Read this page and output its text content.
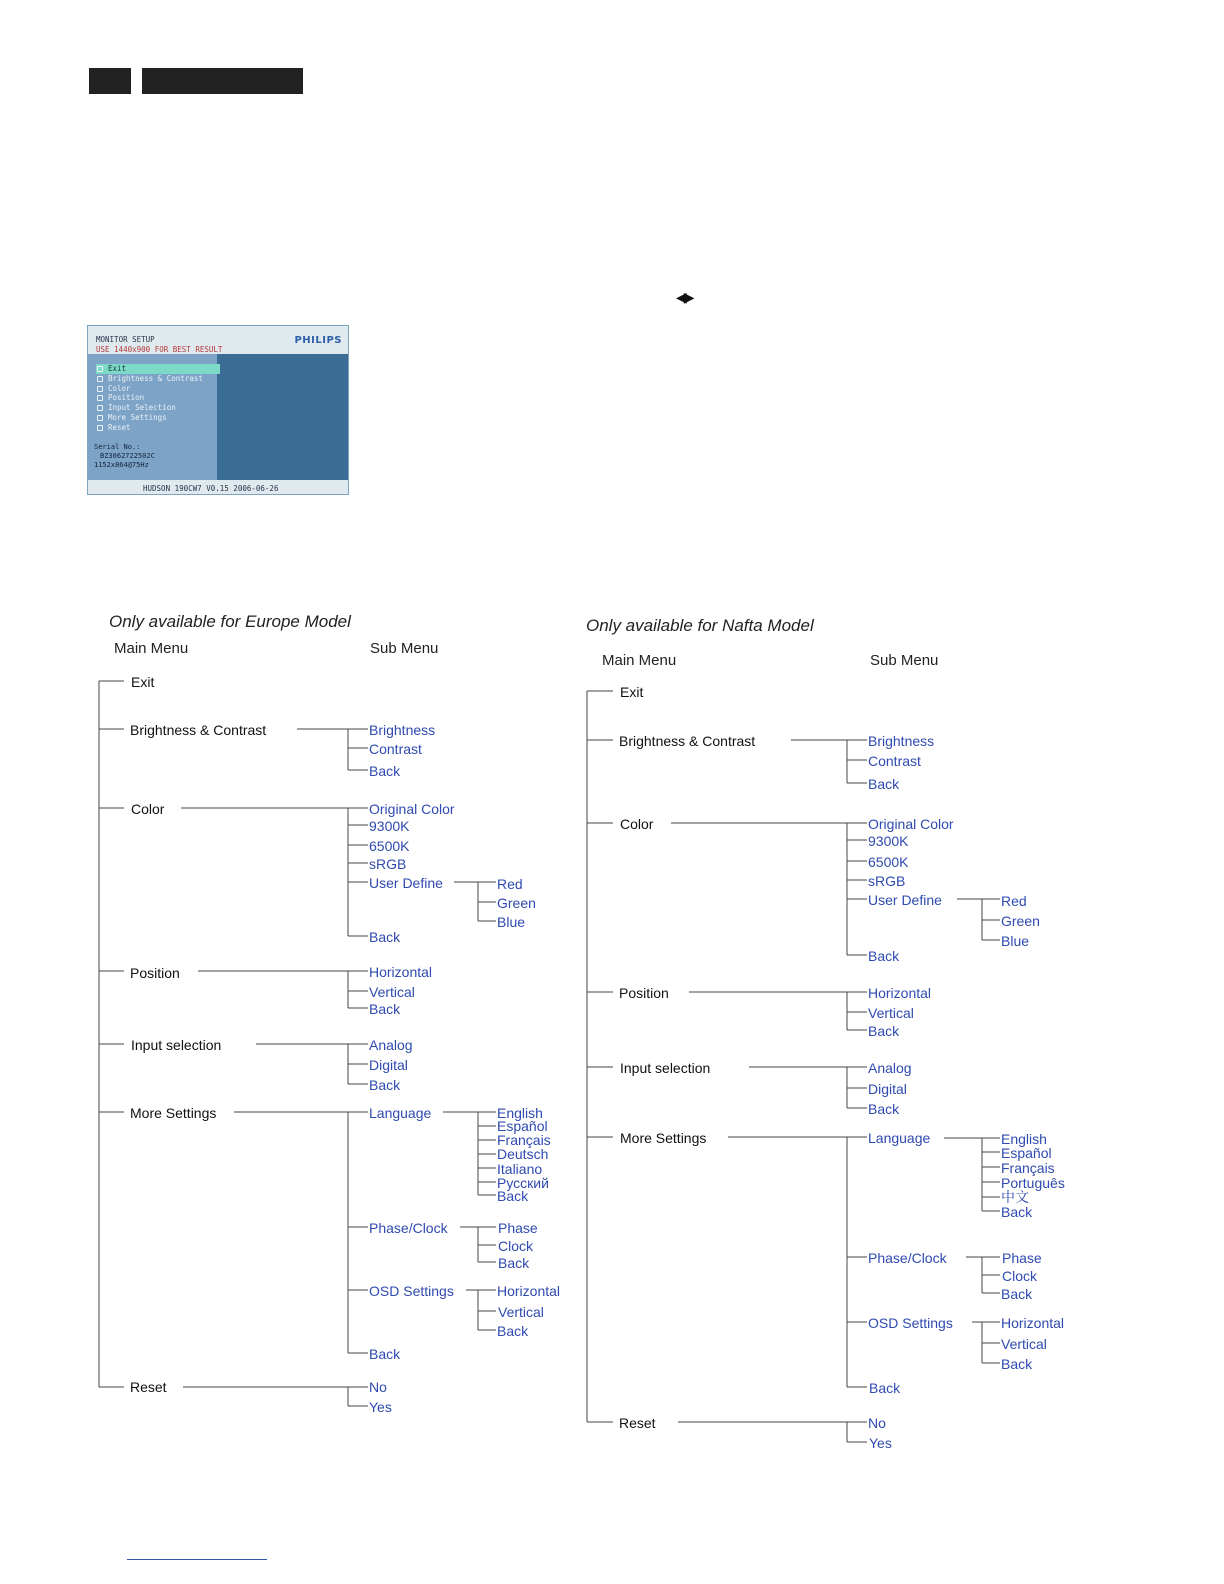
◀▶
MONITOR SETUP
USE 1440x900 FOR BEST RESULT
PHILIPS
Exit
Brightness & Contrast
Color
Position
Input Selection
More Settings
Reset
Serial No.:
BZ3062722502C
1152x864@75Hz
HUDSON 190CW7 V0.15 2006-06-26
Only available for Europe Model
Main Menu	Sub Menu
Exit
Brightness & Contrast
Color
Position
Input selection
More Settings
Reset
Brightness
Contrast
Back
Original Color
9300K
6500K
sRGB
User Define
Back
Red
Green
Blue
Horizontal
Vertical
Back
Analog
Digital
Back
Language
Phase/Clock
OSD Settings
Back
English
Español
Français
Deutsch
Italiano
Русский
Back
Phase
Clock
Back
Horizontal
Vertical
Back
No
Yes
Only available for Nafta Model
Main Menu	Sub Menu
Exit
Brightness & Contrast
Color
Position
Input selection
More Settings
Reset
Brightness
Contrast
Back
Original Color
9300K
6500K
sRGB
User Define
Back
Red
Green
Blue
Horizontal
Vertical
Back
Analog
Digital
Back
Language
Phase/Clock
OSD Settings
Back
English
Español
Français
Português
中文
Back
Phase
Clock
Back
Horizontal
Vertical
Back
No
Yes
